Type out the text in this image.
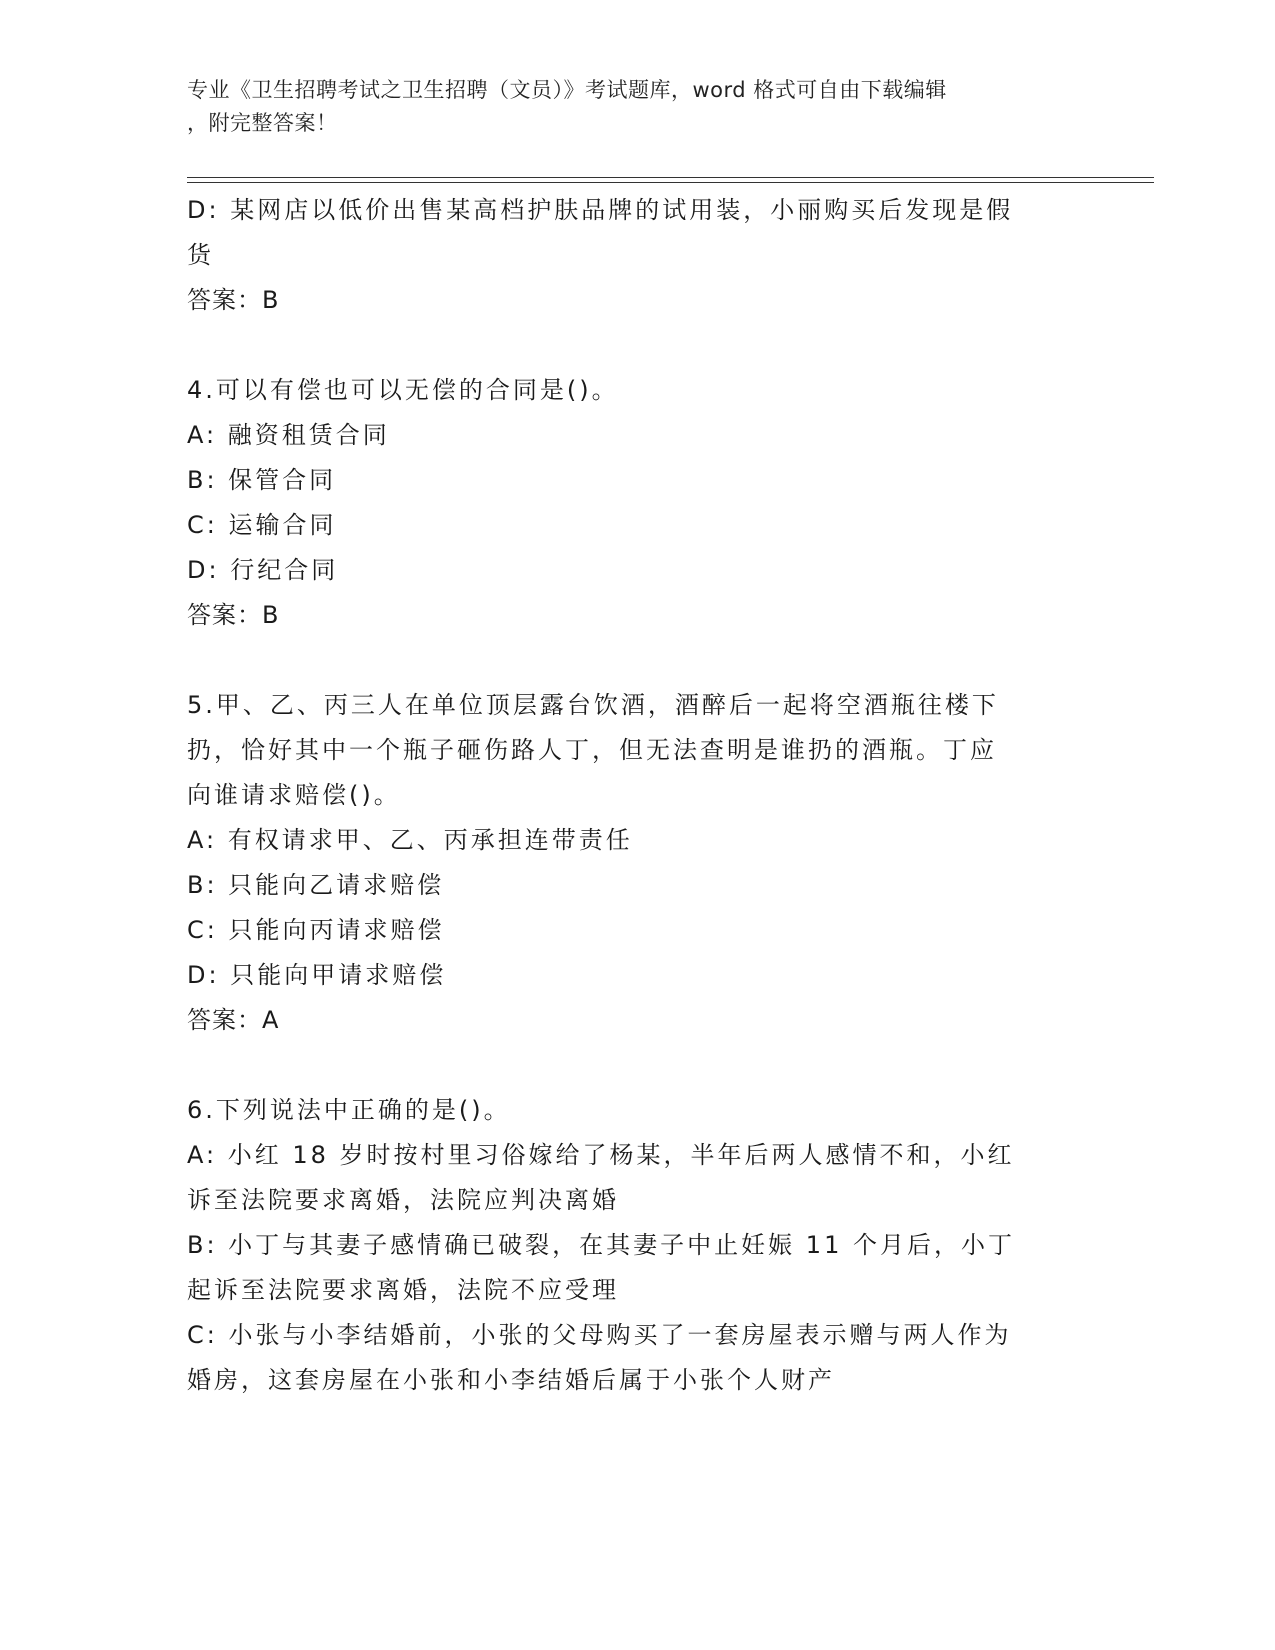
专业《卫生招聘考试之卫生招聘（文员）》考试题库，word 格式可自由下载编辑
，附完整答案！
D: 某网店以低价出售某高档护肤品牌的试用装，小丽购买后发现是假
货
答案：B
4.可以有偿也可以无偿的合同是()。
A: 融资租赁合同
B: 保管合同
C: 运输合同
D: 行纪合同
答案：B
5.甲、乙、丙三人在单位顶层露台饮酒，酒醉后一起将空酒瓶往楼下
扔，恰好其中一个瓶子砸伤路人丁，但无法查明是谁扔的酒瓶。丁应
向谁请求赔偿()。
A: 有权请求甲、乙、丙承担连带责任
B: 只能向乙请求赔偿
C: 只能向丙请求赔偿
D: 只能向甲请求赔偿
答案：A
6.下列说法中正确的是()。
A: 小红 18 岁时按村里习俗嫁给了杨某，半年后两人感情不和，小红
诉至法院要求离婚，法院应判决离婚
B: 小丁与其妻子感情确已破裂，在其妻子中止妊娠 11 个月后，小丁
起诉至法院要求离婚，法院不应受理
C: 小张与小李结婚前，小张的父母购买了一套房屋表示赠与两人作为
婚房，这套房屋在小张和小李结婚后属于小张个人财产
